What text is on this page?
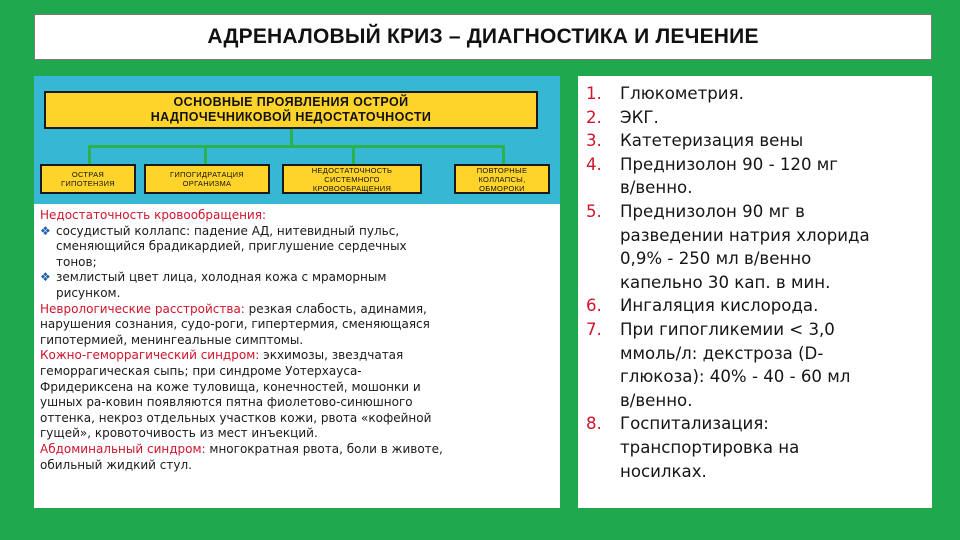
АДРЕНАЛОВЫЙ КРИЗ – ДИАГНОСТИКА И ЛЕЧЕНИЕ
ОСНОВНЫЕ ПРОЯВЛЕНИЯ ОСТРОЙ
НАДПОЧЕЧНИКОВОЙ НЕДОСТАТОЧНОСТИ
ОСТРАЯ
ГИПОТЕНЗИЯ
ГИПОГИДРАТАЦИЯ
ОРГАНИЗМА
НЕДОСТАТОЧНОСТЬ
СИСТЕМНОГО
КРОВООБРАЩЕНИЯ
ПОВТОРНЫЕ
КОЛЛАПСЫ,
ОБМОРОКИ

Недостаточность кровообращения:

❖ сосудистый коллапс: падение АД, нитевидный пульс,
сменяющийся брадикардией, приглушение сердечных
тонов;
❖ землистый цвет лица, холодная кожа с мраморным
рисунком.

Неврологические расстройства: резкая слабость, адинамия,
нарушения сознания, судо-роги, гипертермия, сменяющаяся
гипотермией, менингеальные симптомы.

Кожно-геморрагический синдром: экхимозы, звездчатая
геморрагическая сыпь; при синдроме Уотерхауса-
Фридериксена на коже туловища, конечностей, мошонки и
ушных ра-ковин появляются пятна фиолетово-синюшного
оттенка, некроз отдельных участков кожи, рвота «кофейной
гущей», кровоточивость из мест инъекций.

Абдоминальный синдром: многократная рвота, боли в животе,
обильный жидкий стул.

1.	Глюкометрия.
2.	ЭКГ.
3.	Катетеризация вены
4.	Преднизолон 90 - 120 мг
в/венно.
5.	Преднизолон 90 мг в
разведении натрия хлорида
0,9% - 250 мл в/венно
капельно 30 кап. в мин.
6.	Ингаляция кислорода.
7.	При гипогликемии < 3,0
ммоль/л: декстроза (D-
глюкоза): 40% - 40 - 60 мл
в/венно.
8.	Госпитализация:
транспортировка на
носилках.
